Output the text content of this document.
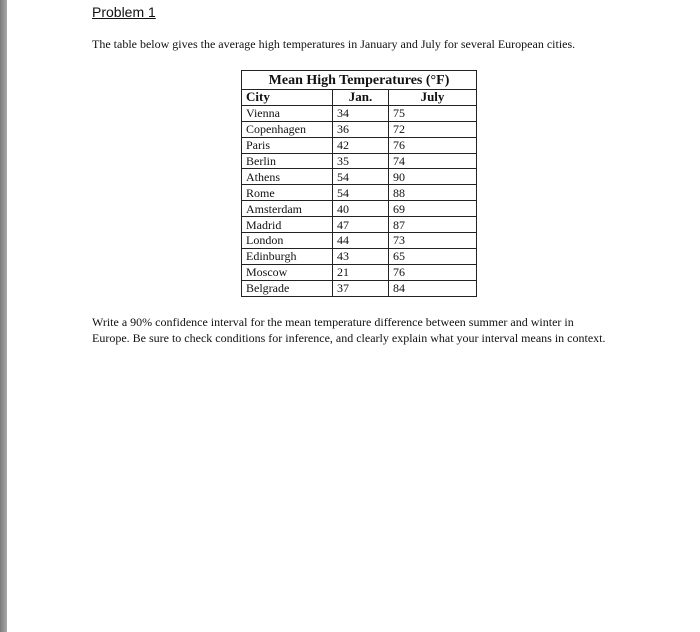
Problem 1
The table below gives the average high temperatures in January and July for several European cities.
Mean High Temperatures (°F)
City	Jan.	July
Vienna	34	75
Copenhagen	36	72
Paris	42	76
Berlin	35	74
Athens	54	90
Rome	54	88
Amsterdam	40	69
Madrid	47	87
London	44	73
Edinburgh	43	65
Moscow	21	76
Belgrade	37	84
Write a 90% confidence interval for the mean temperature difference between summer and winter in Europe. Be sure to check conditions for inference, and clearly explain what your interval means in context.
